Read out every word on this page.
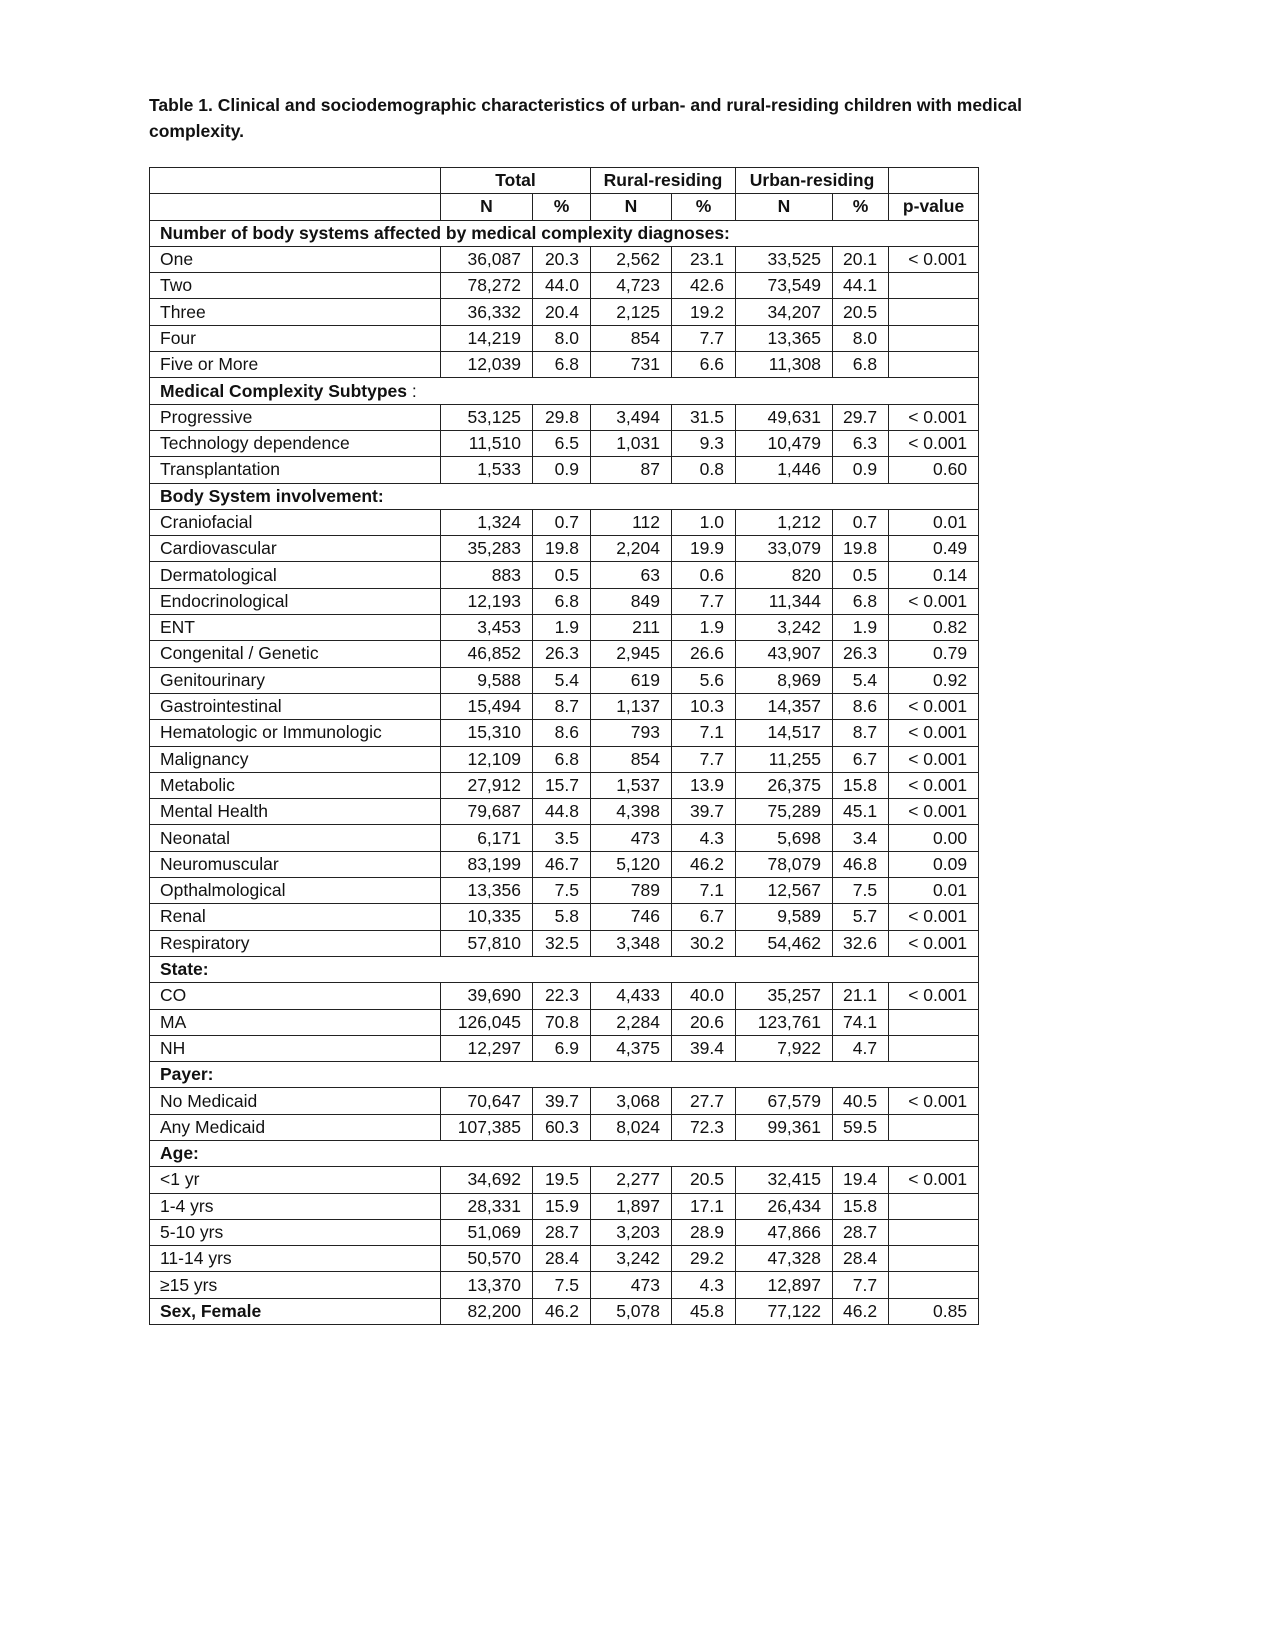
Table 1. Clinical and sociodemographic characteristics of urban- and rural-residing children with medical complexity.
	Total		Rural-residing		Urban-residing		
	N	%	N	%	N	%	p-value
Number of body systems affected by medical complexity diagnoses:							
One	36,087	20.3	2,562	23.1	33,525	20.1	< 0.001
Two	78,272	44.0	4,723	42.6	73,549	44.1	
Three	36,332	20.4	2,125	19.2	34,207	20.5	
Four	14,219	8.0	854	7.7	13,365	8.0	
Five or More	12,039	6.8	731	6.6	11,308	6.8	
Medical Complexity Subtypes :							
Progressive	53,125	29.8	3,494	31.5	49,631	29.7	< 0.001
Technology dependence	11,510	6.5	1,031	9.3	10,479	6.3	< 0.001
Transplantation	1,533	0.9	87	0.8	1,446	0.9	0.60
Body System involvement:							
Craniofacial	1,324	0.7	112	1.0	1,212	0.7	0.01
Cardiovascular	35,283	19.8	2,204	19.9	33,079	19.8	0.49
Dermatological	883	0.5	63	0.6	820	0.5	0.14
Endocrinological	12,193	6.8	849	7.7	11,344	6.8	< 0.001
ENT	3,453	1.9	211	1.9	3,242	1.9	0.82
Congenital / Genetic	46,852	26.3	2,945	26.6	43,907	26.3	0.79
Genitourinary	9,588	5.4	619	5.6	8,969	5.4	0.92
Gastrointestinal	15,494	8.7	1,137	10.3	14,357	8.6	< 0.001
Hematologic or Immunologic	15,310	8.6	793	7.1	14,517	8.7	< 0.001
Malignancy	12,109	6.8	854	7.7	11,255	6.7	< 0.001
Metabolic	27,912	15.7	1,537	13.9	26,375	15.8	< 0.001
Mental Health	79,687	44.8	4,398	39.7	75,289	45.1	< 0.001
Neonatal	6,171	3.5	473	4.3	5,698	3.4	0.00
Neuromuscular	83,199	46.7	5,120	46.2	78,079	46.8	0.09
Opthalmological	13,356	7.5	789	7.1	12,567	7.5	0.01
Renal	10,335	5.8	746	6.7	9,589	5.7	< 0.001
Respiratory	57,810	32.5	3,348	30.2	54,462	32.6	< 0.001
State:							
CO	39,690	22.3	4,433	40.0	35,257	21.1	< 0.001
MA	126,045	70.8	2,284	20.6	123,761	74.1	
NH	12,297	6.9	4,375	39.4	7,922	4.7	
Payer:							
No Medicaid	70,647	39.7	3,068	27.7	67,579	40.5	< 0.001
Any Medicaid	107,385	60.3	8,024	72.3	99,361	59.5	
Age:							
<1 yr	34,692	19.5	2,277	20.5	32,415	19.4	< 0.001
1-4 yrs	28,331	15.9	1,897	17.1	26,434	15.8	
5-10 yrs	51,069	28.7	3,203	28.9	47,866	28.7	
11-14 yrs	50,570	28.4	3,242	29.2	47,328	28.4	
≥15 yrs	13,370	7.5	473	4.3	12,897	7.7	
Sex, Female	82,200	46.2	5,078	45.8	77,122	46.2	0.85
